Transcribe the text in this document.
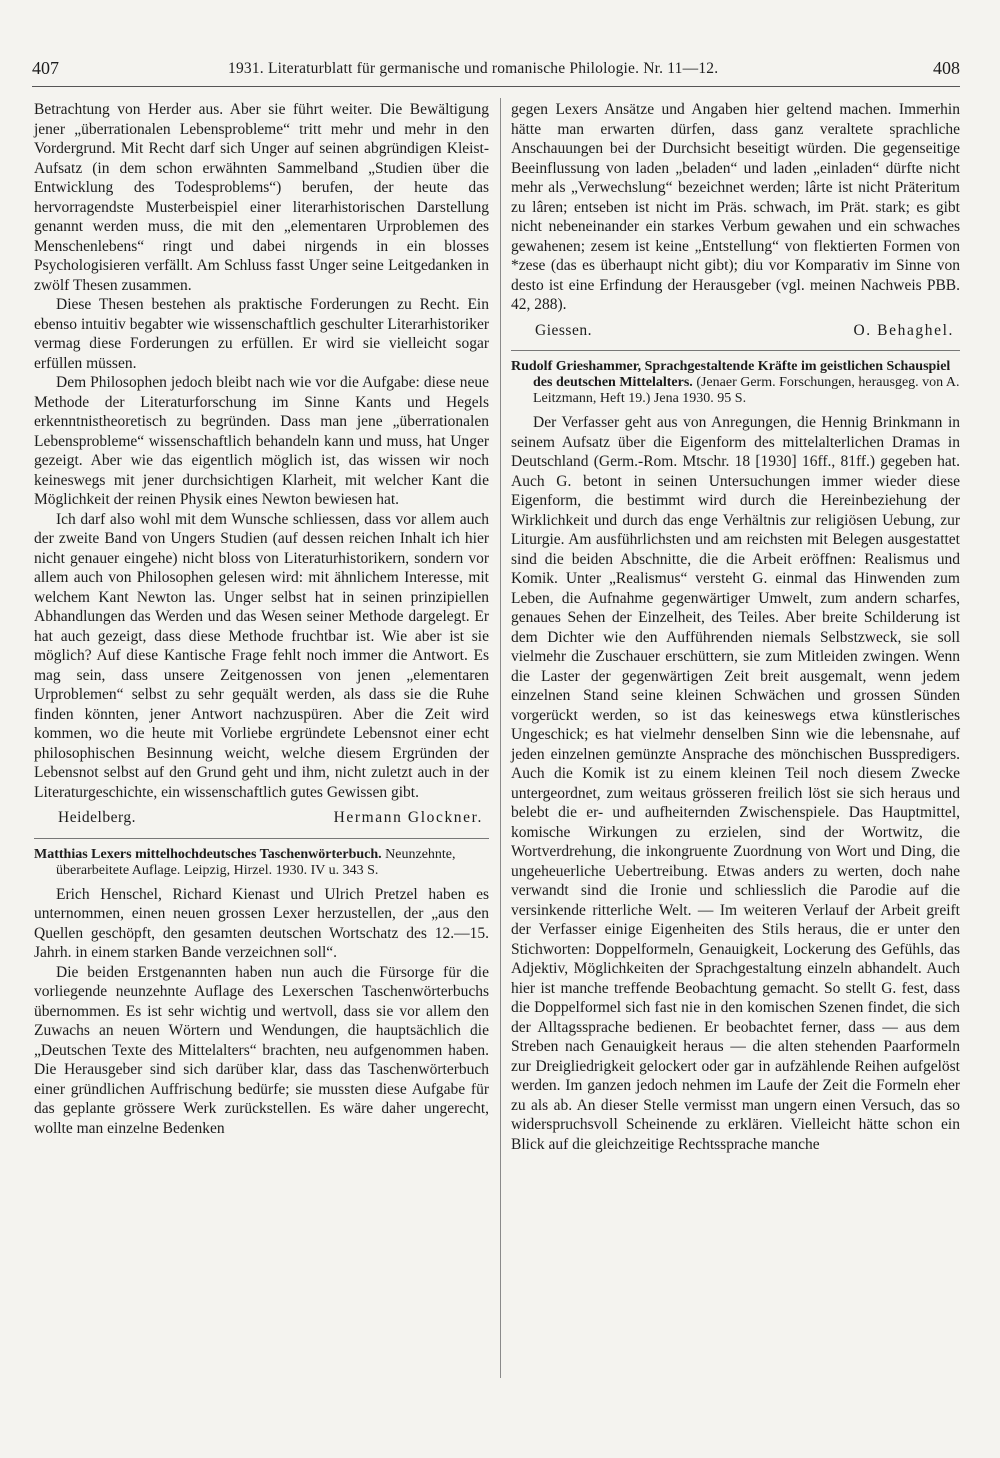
407	1931. Literaturblatt für germanische und romanische Philologie. Nr. 11—12.	408

Betrachtung von Herder aus. Aber sie führt weiter. Die Bewältigung jener „überrationalen Lebensprobleme“ tritt mehr und mehr in den Vordergrund. Mit Recht darf sich Unger auf seinen abgründigen Kleist-Aufsatz (in dem schon erwähnten Sammelband „Studien über die Entwicklung des Todesproblems“) berufen, der heute das hervorragendste Musterbeispiel einer literarhistorischen Darstellung genannt werden muss, die mit den „elementaren Urproblemen des Menschenlebens“ ringt und dabei nirgends in ein blosses Psychologisieren verfällt. Am Schluss fasst Unger seine Leitgedanken in zwölf Thesen zusammen.

Diese Thesen bestehen als praktische Forderungen zu Recht. Ein ebenso intuitiv begabter wie wissenschaftlich geschulter Literarhistoriker vermag diese Forderungen zu erfüllen. Er wird sie vielleicht sogar erfüllen müssen.

Dem Philosophen jedoch bleibt nach wie vor die Aufgabe: diese neue Methode der Literaturforschung im Sinne Kants und Hegels erkenntnistheoretisch zu begründen. Dass man jene „überrationalen Lebensprobleme“ wissenschaftlich behandeln kann und muss, hat Unger gezeigt. Aber wie das eigentlich möglich ist, das wissen wir noch keineswegs mit jener durchsichtigen Klarheit, mit welcher Kant die Möglichkeit der reinen Physik eines Newton bewiesen hat.

Ich darf also wohl mit dem Wunsche schliessen, dass vor allem auch der zweite Band von Ungers Studien (auf dessen reichen Inhalt ich hier nicht genauer eingehe) nicht bloss von Literaturhistorikern, sondern vor allem auch von Philosophen gelesen wird: mit ähnlichem Interesse, mit welchem Kant Newton las. Unger selbst hat in seinen prinzipiellen Abhandlungen das Werden und das Wesen seiner Methode dargelegt. Er hat auch gezeigt, dass diese Methode fruchtbar ist. Wie aber ist sie möglich? Auf diese Kantische Frage fehlt noch immer die Antwort. Es mag sein, dass unsere Zeitgenossen von jenen „elementaren Urproblemen“ selbst zu sehr gequält werden, als dass sie die Ruhe finden könnten, jener Antwort nachzuspüren. Aber die Zeit wird kommen, wo die heute mit Vorliebe ergründete Lebensnot einer echt philosophischen Besinnung weicht, welche diesem Ergründen der Lebensnot selbst auf den Grund geht und ihm, nicht zuletzt auch in der Literaturgeschichte, ein wissenschaftlich gutes Gewissen gibt.

Heidelberg.	Hermann Glockner.
Matthias Lexers mittelhochdeutsches Taschenwörterbuch. Neunzehnte, überarbeitete Auflage. Leipzig, Hirzel. 1930. IV u. 343 S.

Erich Henschel, Richard Kienast und Ulrich Pretzel haben es unternommen, einen neuen grossen Lexer herzustellen, der „aus den Quellen geschöpft, den gesamten deutschen Wortschatz des 12.—15. Jahrh. in einem starken Bande verzeichnen soll“.

Die beiden Erstgenannten haben nun auch die Fürsorge für die vorliegende neunzehnte Auflage des Lexerschen Taschenwörterbuchs übernommen. Es ist sehr wichtig und wertvoll, dass sie vor allem den Zuwachs an neuen Wörtern und Wendungen, die hauptsächlich die „Deutschen Texte des Mittelalters“ brachten, neu aufgenommen haben. Die Herausgeber sind sich darüber klar, dass das Taschenwörterbuch einer gründlichen Auffrischung bedürfe; sie mussten diese Aufgabe für das geplante grössere Werk zurückstellen. Es wäre daher ungerecht, wollte man einzelne Bedenken

gegen Lexers Ansätze und Angaben hier geltend machen. Immerhin hätte man erwarten dürfen, dass ganz veraltete sprachliche Anschauungen bei der Durchsicht beseitigt würden. Die gegenseitige Beeinflussung von laden „beladen“ und laden „einladen“ dürfte nicht mehr als „Verwechslung“ bezeichnet werden; lârte ist nicht Präteritum zu lâren; entseben ist nicht im Präs. schwach, im Prät. stark; es gibt nicht nebeneinander ein starkes Verbum gewahen und ein schwaches gewahenen; zesem ist keine „Entstellung“ von flektierten Formen von *zese (das es überhaupt nicht gibt); diu vor Komparativ im Sinne von desto ist eine Erfindung der Herausgeber (vgl. meinen Nachweis PBB. 42, 288).

Giessen.	O. Behaghel.
Rudolf Grieshammer, Sprachgestaltende Kräfte im geistlichen Schauspiel des deutschen Mittelalters. (Jenaer Germ. Forschungen, herausgeg. von A. Leitzmann, Heft 19.) Jena 1930. 95 S.

Der Verfasser geht aus von Anregungen, die Hennig Brinkmann in seinem Aufsatz über die Eigenform des mittelalterlichen Dramas in Deutschland (Germ.-Rom. Mtschr. 18 [1930] 16ff., 81ff.) gegeben hat. Auch G. betont in seinen Untersuchungen immer wieder diese Eigenform, die bestimmt wird durch die Hereinbeziehung der Wirklichkeit und durch das enge Verhältnis zur religiösen Uebung, zur Liturgie. Am ausführlichsten und am reichsten mit Belegen ausgestattet sind die beiden Abschnitte, die die Arbeit eröffnen: Realismus und Komik. Unter „Realismus“ versteht G. einmal das Hinwenden zum Leben, die Aufnahme gegenwärtiger Umwelt, zum andern scharfes, genaues Sehen der Einzelheit, des Teiles. Aber breite Schilderung ist dem Dichter wie den Aufführenden niemals Selbstzweck, sie soll vielmehr die Zuschauer erschüttern, sie zum Mitleiden zwingen. Wenn die Laster der gegenwärtigen Zeit breit ausgemalt, wenn jedem einzelnen Stand seine kleinen Schwächen und grossen Sünden vorgerückt werden, so ist das keineswegs etwa künstlerisches Ungeschick; es hat vielmehr denselben Sinn wie die lebensnahe, auf jeden einzelnen gemünzte Ansprache des mönchischen Busspredigers. Auch die Komik ist zu einem kleinen Teil noch diesem Zwecke untergeordnet, zum weitaus grösseren freilich löst sie sich heraus und belebt die er- und aufheiternden Zwischenspiele. Das Hauptmittel, komische Wirkungen zu erzielen, sind der Wortwitz, die Wortverdrehung, die inkongruente Zuordnung von Wort und Ding, die ungeheuerliche Uebertreibung. Etwas anders zu werten, doch nahe verwandt sind die Ironie und schliesslich die Parodie auf die versinkende ritterliche Welt. — Im weiteren Verlauf der Arbeit greift der Verfasser einige Eigenheiten des Stils heraus, die er unter den Stichworten: Doppelformeln, Genauigkeit, Lockerung des Gefühls, das Adjektiv, Möglichkeiten der Sprachgestaltung einzeln abhandelt. Auch hier ist manche treffende Beobachtung gemacht. So stellt G. fest, dass die Doppelformel sich fast nie in den komischen Szenen findet, die sich der Alltagssprache bedienen. Er beobachtet ferner, dass — aus dem Streben nach Genauigkeit heraus — die alten stehenden Paarformeln zur Dreigliedrigkeit gelockert oder gar in aufzählende Reihen aufgelöst werden. Im ganzen jedoch nehmen im Laufe der Zeit die Formeln eher zu als ab. An dieser Stelle vermisst man ungern einen Versuch, das so widerspruchsvoll Scheinende zu erklären. Vielleicht hätte schon ein Blick auf die gleichzeitige Rechtssprache manche
